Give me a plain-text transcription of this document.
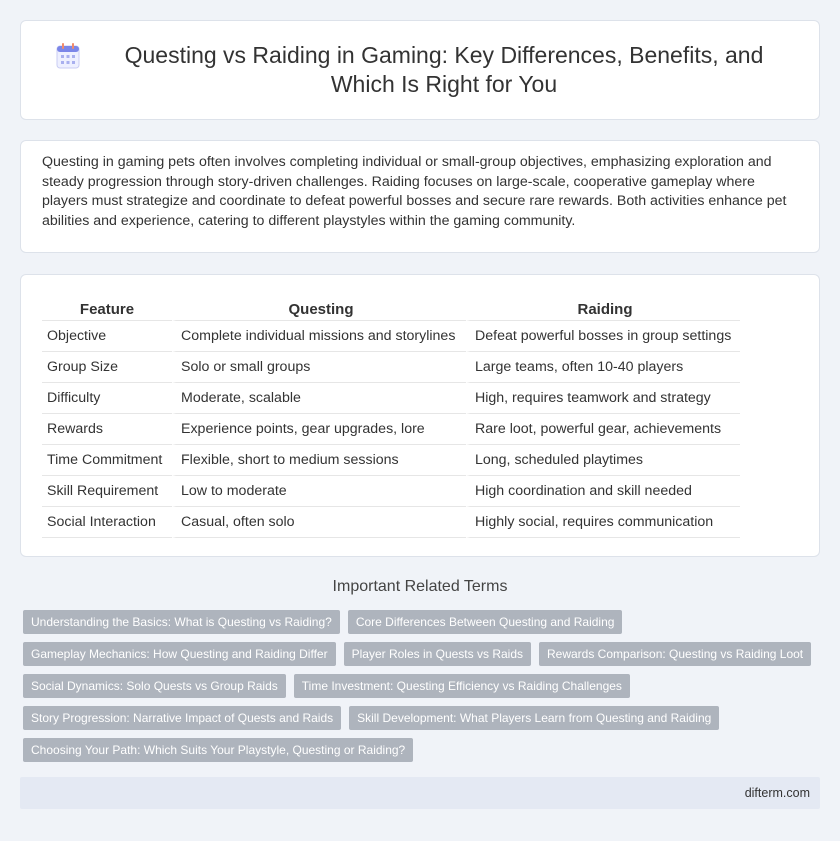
Questing vs Raiding in Gaming: Key Differences, Benefits, and Which Is Right for You

Questing in gaming pets often involves completing individual or small-group objectives, emphasizing exploration and steady progression through story-driven challenges. Raiding focuses on large-scale, cooperative gameplay where players must strategize and coordinate to defeat powerful bosses and secure rare rewards. Both activities enhance pet abilities and experience, catering to different playstyles within the gaming community.

Feature	Questing	Raiding
Objective	Complete individual missions and storylines	Defeat powerful bosses in group settings
Group Size	Solo or small groups	Large teams, often 10-40 players
Difficulty	Moderate, scalable	High, requires teamwork and strategy
Rewards	Experience points, gear upgrades, lore	Rare loot, powerful gear, achievements
Time Commitment	Flexible, short to medium sessions	Long, scheduled playtimes
Skill Requirement	Low to moderate	High coordination and skill needed
Social Interaction	Casual, often solo	Highly social, requires communication
Important Related Terms
Understanding the Basics: What is Questing vs Raiding?	Core Differences Between Questing and Raiding
Gameplay Mechanics: How Questing and Raiding Differ	Player Roles in Quests vs Raids	Rewards Comparison: Questing vs Raiding Loot
Social Dynamics: Solo Quests vs Group Raids	Time Investment: Questing Efficiency vs Raiding Challenges
Story Progression: Narrative Impact of Quests and Raids	Skill Development: What Players Learn from Questing and Raiding
Choosing Your Path: Which Suits Your Playstyle, Questing or Raiding?
difterm.com
